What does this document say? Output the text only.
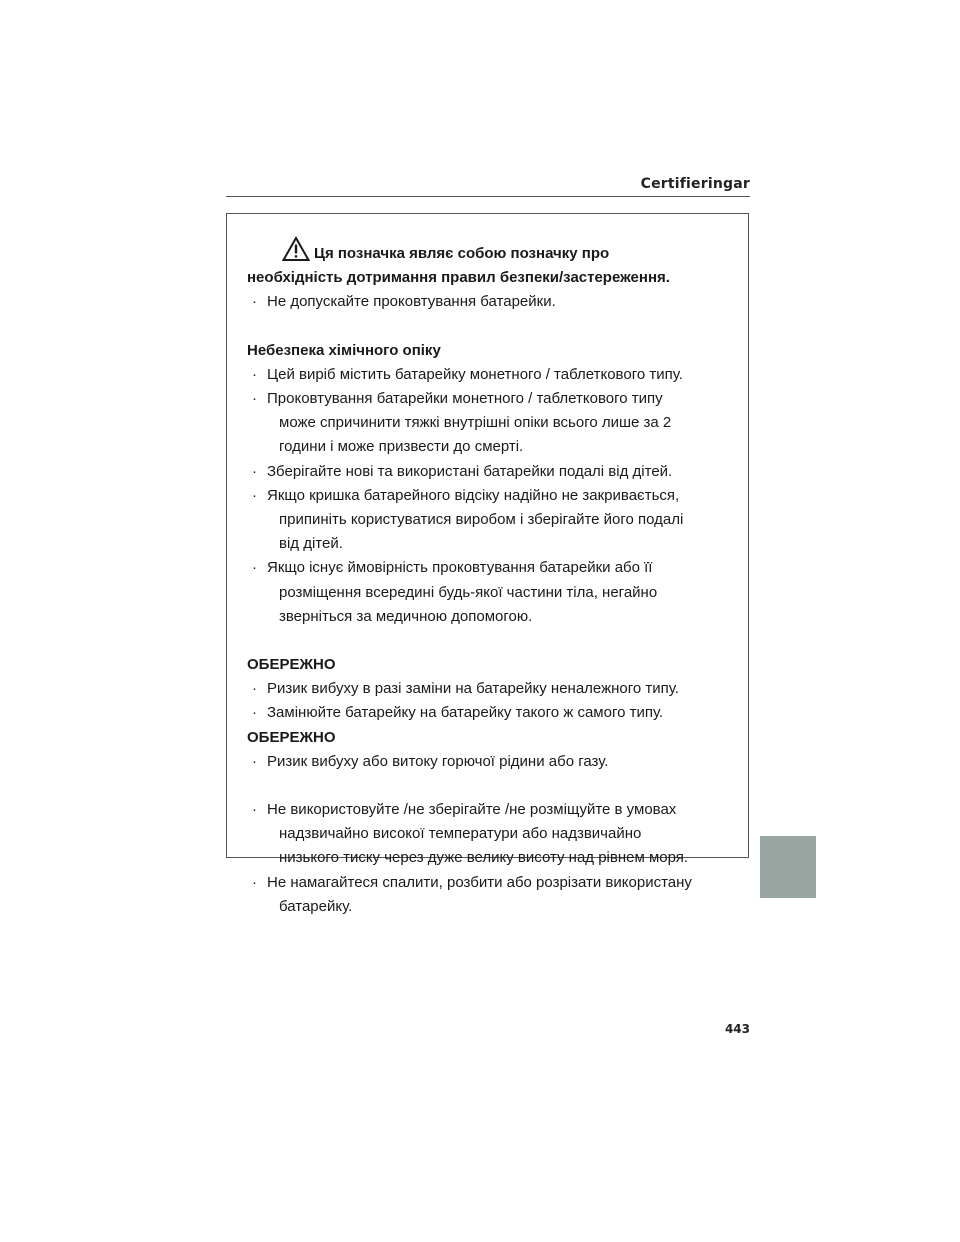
Certifieringar
Ця позначка являє собою позначку про
необхідність дотримання правил безпеки/застереження.
· Не допускайте проковтування батарейки.
Небезпека хімічного опіку
· Цей виріб містить батарейку монетного / таблеткового типу.
· Проковтування батарейки монетного / таблеткового типу
може спричинити тяжкі внутрішні опіки всього лише за 2
години і може призвести до смерті.
· Зберігайте нові та використані батарейки подалі від дітей.
· Якщо кришка батарейного відсіку надійно не закривається,
припиніть користуватися виробом і зберігайте його подалі
від дітей.
· Якщо існує ймовірність проковтування батарейки або її
розміщення всередині будь-якої частини тіла, негайно
зверніться за медичною допомогою.
ОБЕРЕЖНО
· Ризик вибуху в разі заміни на батарейку неналежного типу.
· Замінюйте батарейку на батарейку такого ж самого типу.
ОБЕРЕЖНО
· Ризик вибуху або витоку горючої рідини або газу.
· Не використовуйте /не зберігайте /не розміщуйте в умовах
надзвичайно високої температури або надзвичайно
низького тиску через дуже велику висоту над рівнем моря.
· Не намагайтеся спалити, розбити або розрізати використану
батарейку.
443
